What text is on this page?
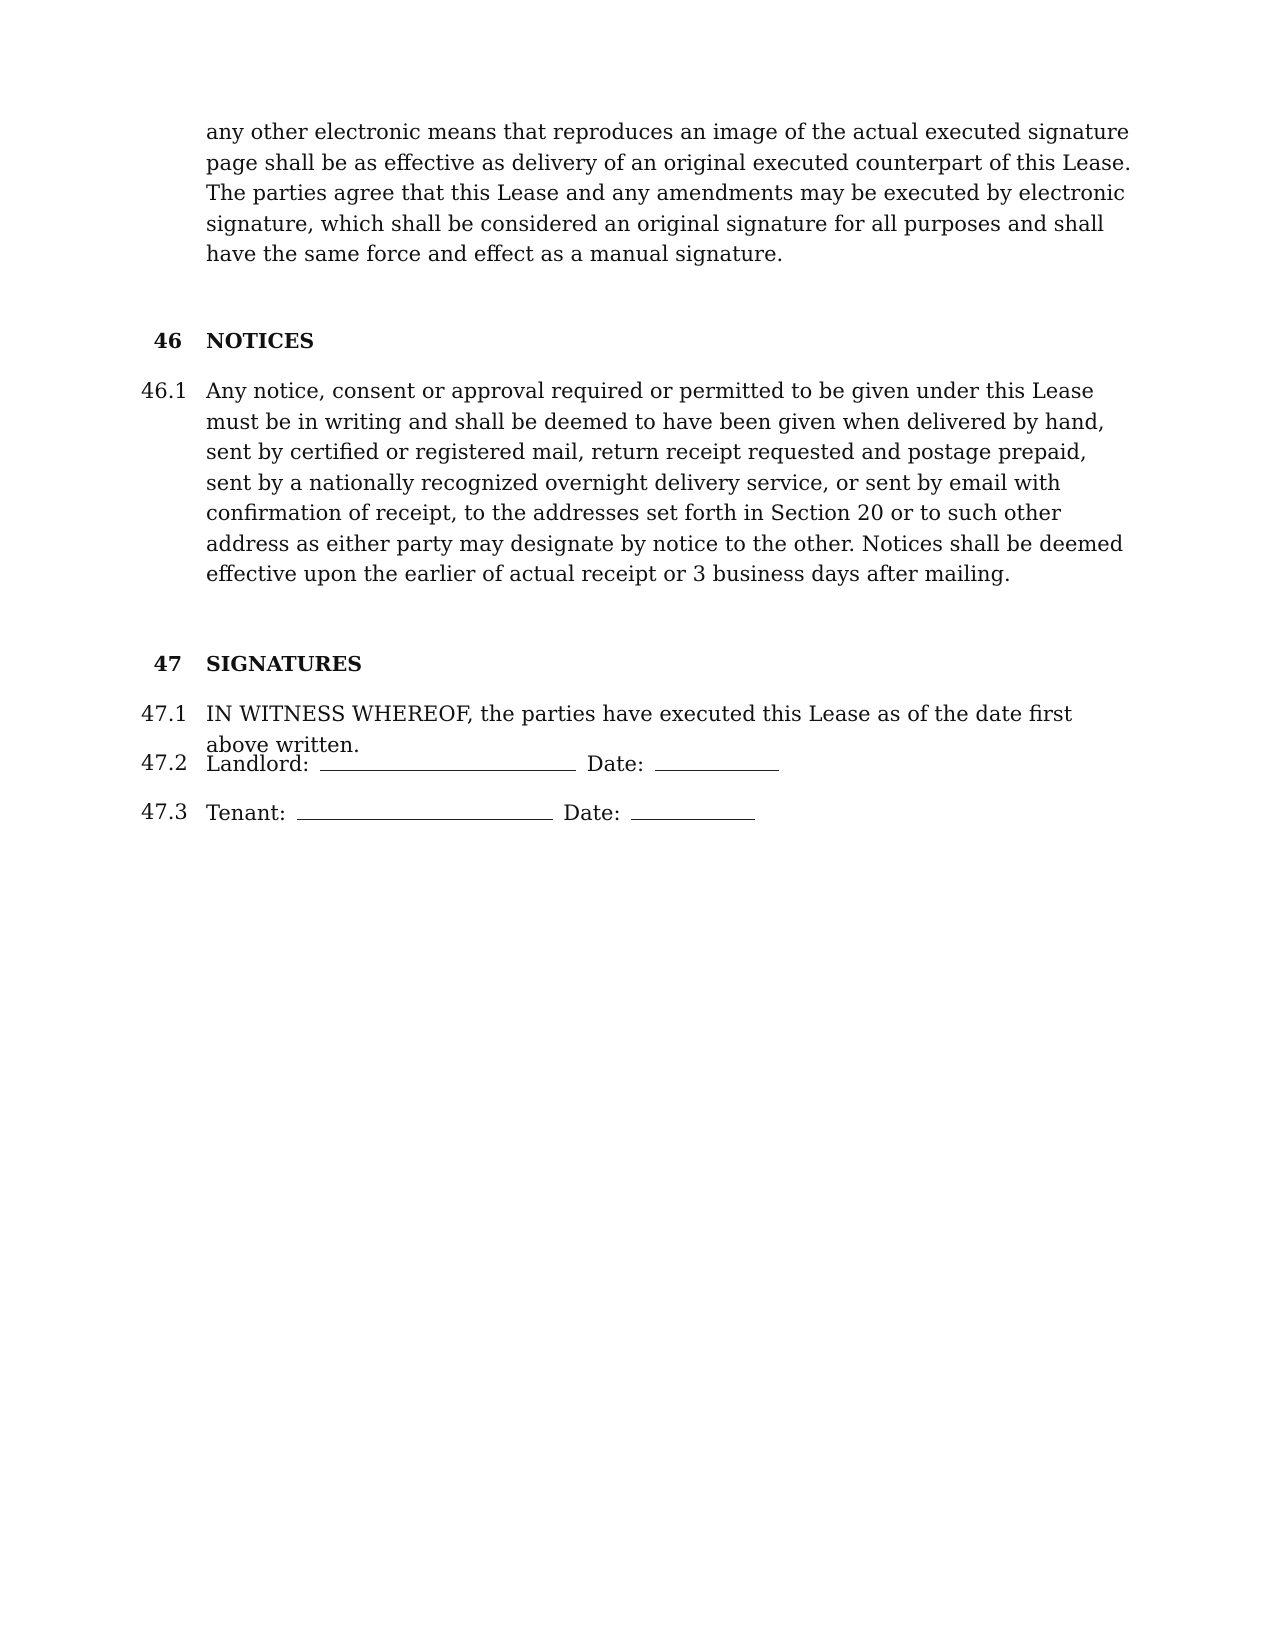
any other electronic means that reproduces an image of the actual executed signature page shall be as effective as delivery of an original executed counterpart of this Lease. The parties agree that this Lease and any amendments may be executed by electronic signature, which shall be considered an original signature for all purposes and shall have the same force and effect as a manual signature.

46 NOTICES
46.1 Any notice, consent or approval required or permitted to be given under this Lease must be in writing and shall be deemed to have been given when delivered by hand, sent by certified or registered mail, return receipt requested and postage prepaid, sent by a nationally recognized overnight delivery service, or sent by email with confirmation of receipt, to the addresses set forth in Section 20 or to such other address as either party may designate by notice to the other. Notices shall be deemed effective upon the earlier of actual receipt or 3 business days after mailing.

47 SIGNATURES
47.1 IN WITNESS WHEREOF, the parties have executed this Lease as of the date first above written.

47.2 Landlord:	Date:
47.3 Tenant:	Date:
